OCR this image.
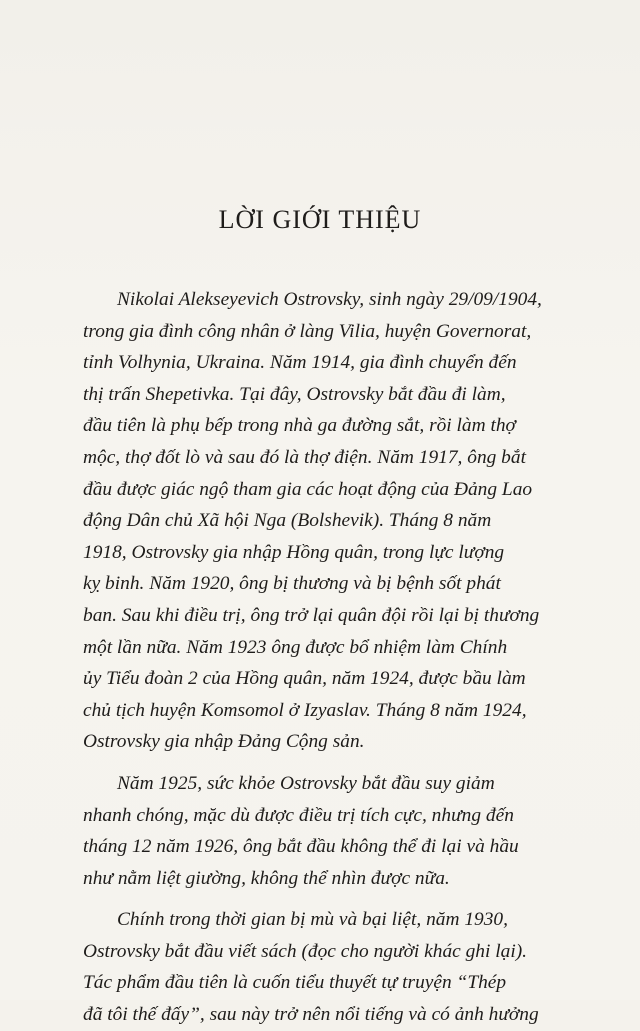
LỜI GIỚI THIỆU
Nikolai Alekseyevich Ostrovsky, sinh ngày 29/09/1904,
trong gia đình công nhân ở làng Vilia, huyện Governorat,
tỉnh Volhynia, Ukraina. Năm 1914, gia đình chuyển đến
thị trấn Shepetivka. Tại đây, Ostrovsky bắt đầu đi làm,
đầu tiên là phụ bếp trong nhà ga đường sắt, rồi làm thợ
mộc, thợ đốt lò và sau đó là thợ điện. Năm 1917, ông bắt
đầu được giác ngộ tham gia các hoạt động của Đảng Lao
động Dân chủ Xã hội Nga (Bolshevik). Tháng 8 năm
1918, Ostrovsky gia nhập Hồng quân, trong lực lượng
kỵ binh. Năm 1920, ông bị thương và bị bệnh sốt phát
ban. Sau khi điều trị, ông trở lại quân đội rồi lại bị thương
một lần nữa. Năm 1923 ông được bổ nhiệm làm Chính
ủy Tiểu đoàn 2 của Hồng quân, năm 1924, được bầu làm
chủ tịch huyện Komsomol ở Izyaslav. Tháng 8 năm 1924,
Ostrovsky gia nhập Đảng Cộng sản.
Năm 1925, sức khỏe Ostrovsky bắt đầu suy giảm
nhanh chóng, mặc dù được điều trị tích cực, nhưng đến
tháng 12 năm 1926, ông bắt đầu không thể đi lại và hầu
như nằm liệt giường, không thể nhìn được nữa.
Chính trong thời gian bị mù và bại liệt, năm 1930,
Ostrovsky bắt đầu viết sách (đọc cho người khác ghi lại).
Tác phẩm đầu tiên là cuốn tiểu thuyết tự truyện “Thép
đã tôi thế đấy”, sau này trở nên nổi tiếng và có ảnh hưởng
